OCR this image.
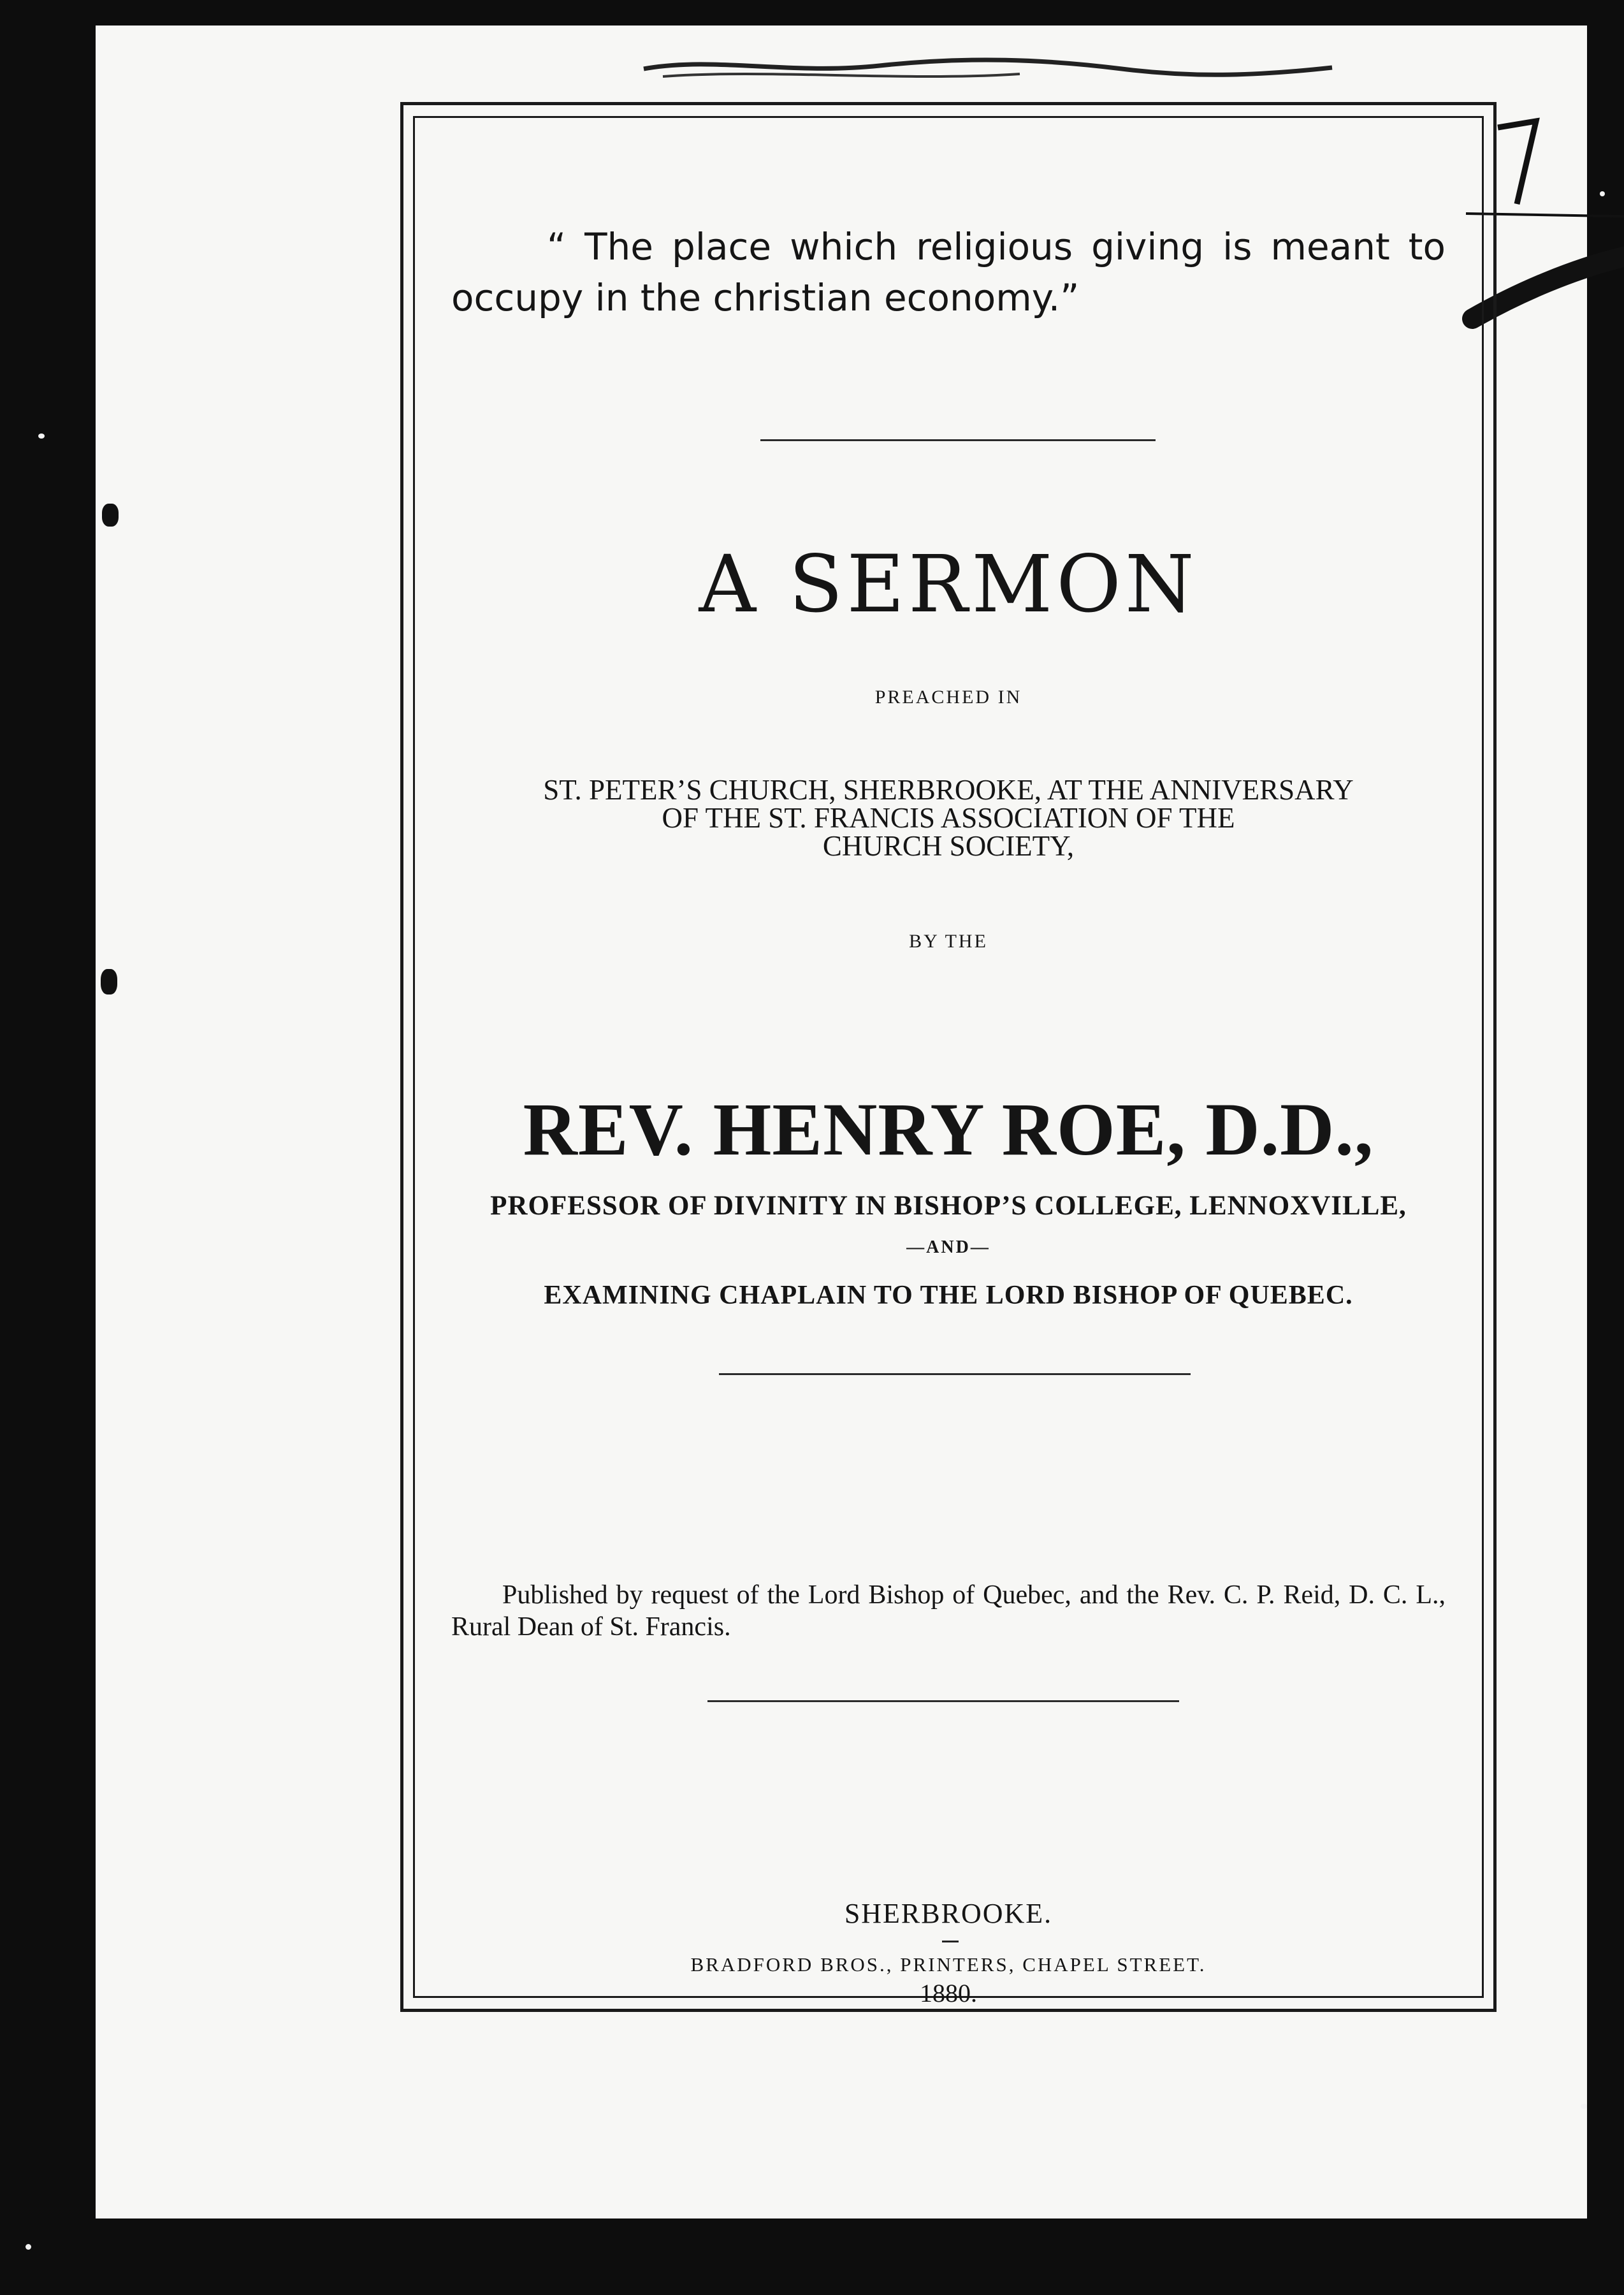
“ The place which religious giving is meant to occupy in the christian economy.”
A SERMON
PREACHED IN
ST. PETER’S CHURCH, SHERBROOKE, AT THE ANNIVERSARY
OF THE ST. FRANCIS ASSOCIATION OF THE
CHURCH SOCIETY,
BY THE
REV. HENRY ROE, D.D.,
PROFESSOR OF DIVINITY IN BISHOP’S COLLEGE, LENNOXVILLE,
—AND—
EXAMINING CHAPLAIN TO THE LORD BISHOP OF QUEBEC.
Published by request of the Lord Bishop of Quebec, and the Rev. C. P. Reid, D. C. L., Rural Dean of St. Francis.
SHERBROOKE.
BRADFORD BROS., PRINTERS, CHAPEL STREET.
1880.
